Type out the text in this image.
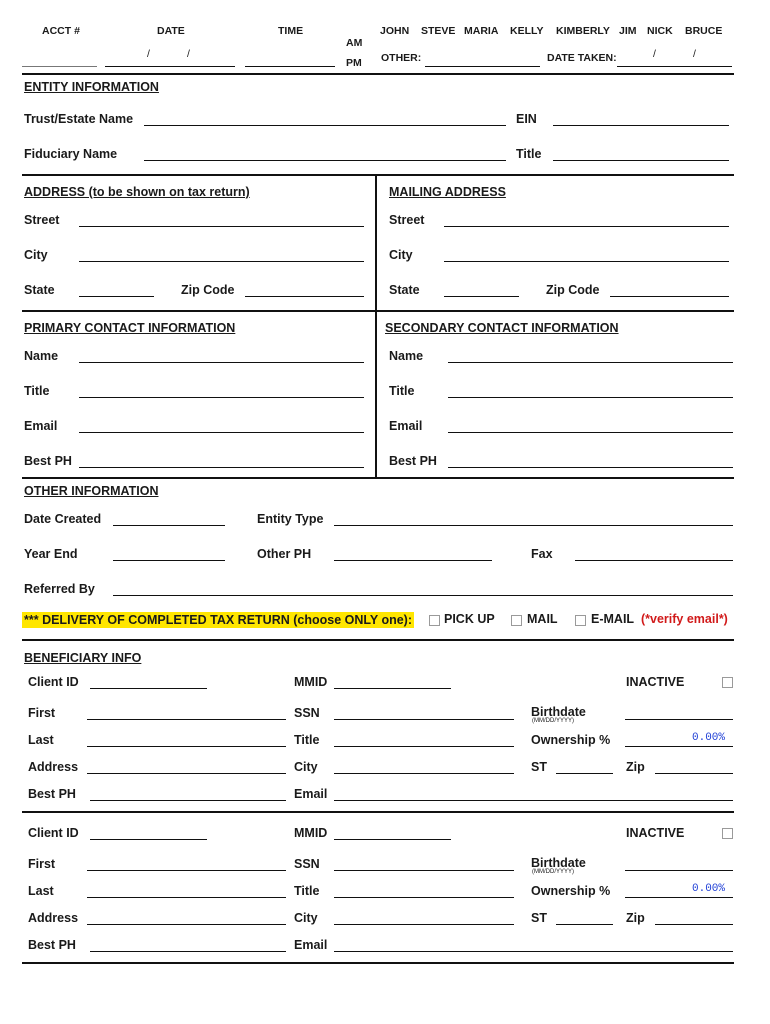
ACCT #	DATE	TIME
AM
PM
/	/
JOHN STEVE MARIA KELLY KIMBERLY JIM NICK BRUCE
OTHER:	DATE TAKEN:	/	/
ENTITY INFORMATION
Trust/Estate Name	EIN
Fiduciary Name	Title
ADDRESS (to be shown on tax return)
Street
City
State	Zip Code
MAILING ADDRESS
Street
City
State	Zip Code
PRIMARY CONTACT INFORMATION
Name
Title
Email
Best PH
SECONDARY CONTACT INFORMATION
Name
Title
Email
Best PH
OTHER INFORMATION
Date Created	Entity Type
Year End	Other PH	Fax
Referred By
*** DELIVERY OF COMPLETED TAX RETURN (choose ONLY one):	PICK UP	MAIL	E-MAIL (*verify email*)
BENEFICIARY INFO
Client ID	MMID	INACTIVE
First	SSN	Birthdate
(MM/DD/YYYY)
Last	Title	Ownership %	0.00%
Address	City	ST	Zip
Best PH	Email
Client ID	MMID	INACTIVE
First	SSN	Birthdate
(MM/DD/YYYY)
Last	Title	Ownership %	0.00%
Address	City	ST	Zip
Best PH	Email
